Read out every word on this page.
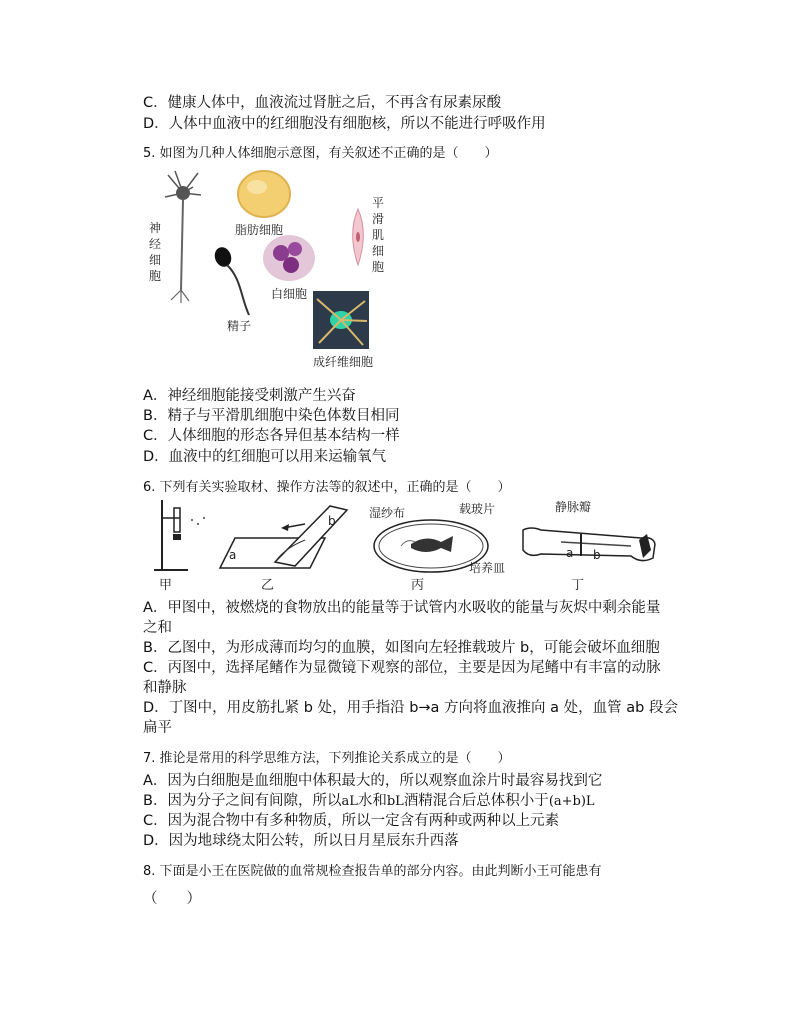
C．健康人体中，血液流过肾脏之后，不再含有尿素尿酸
D．人体中血液中的红细胞没有细胞核，所以不能进行呼吸作用
5. 如图为几种人体细胞示意图，有关叙述不正确的是（　　）
神经细胞
脂肪细胞
平滑肌细胞
白细胞
精子
成纤维细胞
A．神经细胞能接受刺激产生兴奋
B．精子与平滑肌细胞中染色体数目相同
C．人体细胞的形态各异但基本结构一样
D．血液中的红细胞可以用来运输氧气
6. 下列有关实验取材、操作方法等的叙述中，正确的是（　　）
甲
a
b
乙
湿纱布	载玻片
培养皿
丙
静脉瓣
a b
丁
A．甲图中，被燃烧的食物放出的能量等于试管内水吸收的能量与灰烬中剩余能量
之和
B．乙图中，为形成薄而均匀的血膜，如图向左轻推载玻片 b，可能会破坏血细胞
C．丙图中，选择尾鳍作为显微镜下观察的部位，主要是因为尾鳍中有丰富的动脉
和静脉
D．丁图中，用皮筋扎紧 b 处，用手指沿 b→a 方向将血液推向 a 处，血管 ab 段会
扁平
7. 推论是常用的科学思维方法，下列推论关系成立的是（　　）
A．因为白细胞是血细胞中体积最大的，所以观察血涂片时最容易找到它
B．因为分子之间有间隙，所以aL水和bL酒精混合后总体积小于(a+b)L
C．因为混合物中有多种物质，所以一定含有两种或两种以上元素
D．因为地球绕太阳公转，所以日月星辰东升西落
8. 下面是小王在医院做的血常规检查报告单的部分内容。由此判断小王可能患有
（　　）
